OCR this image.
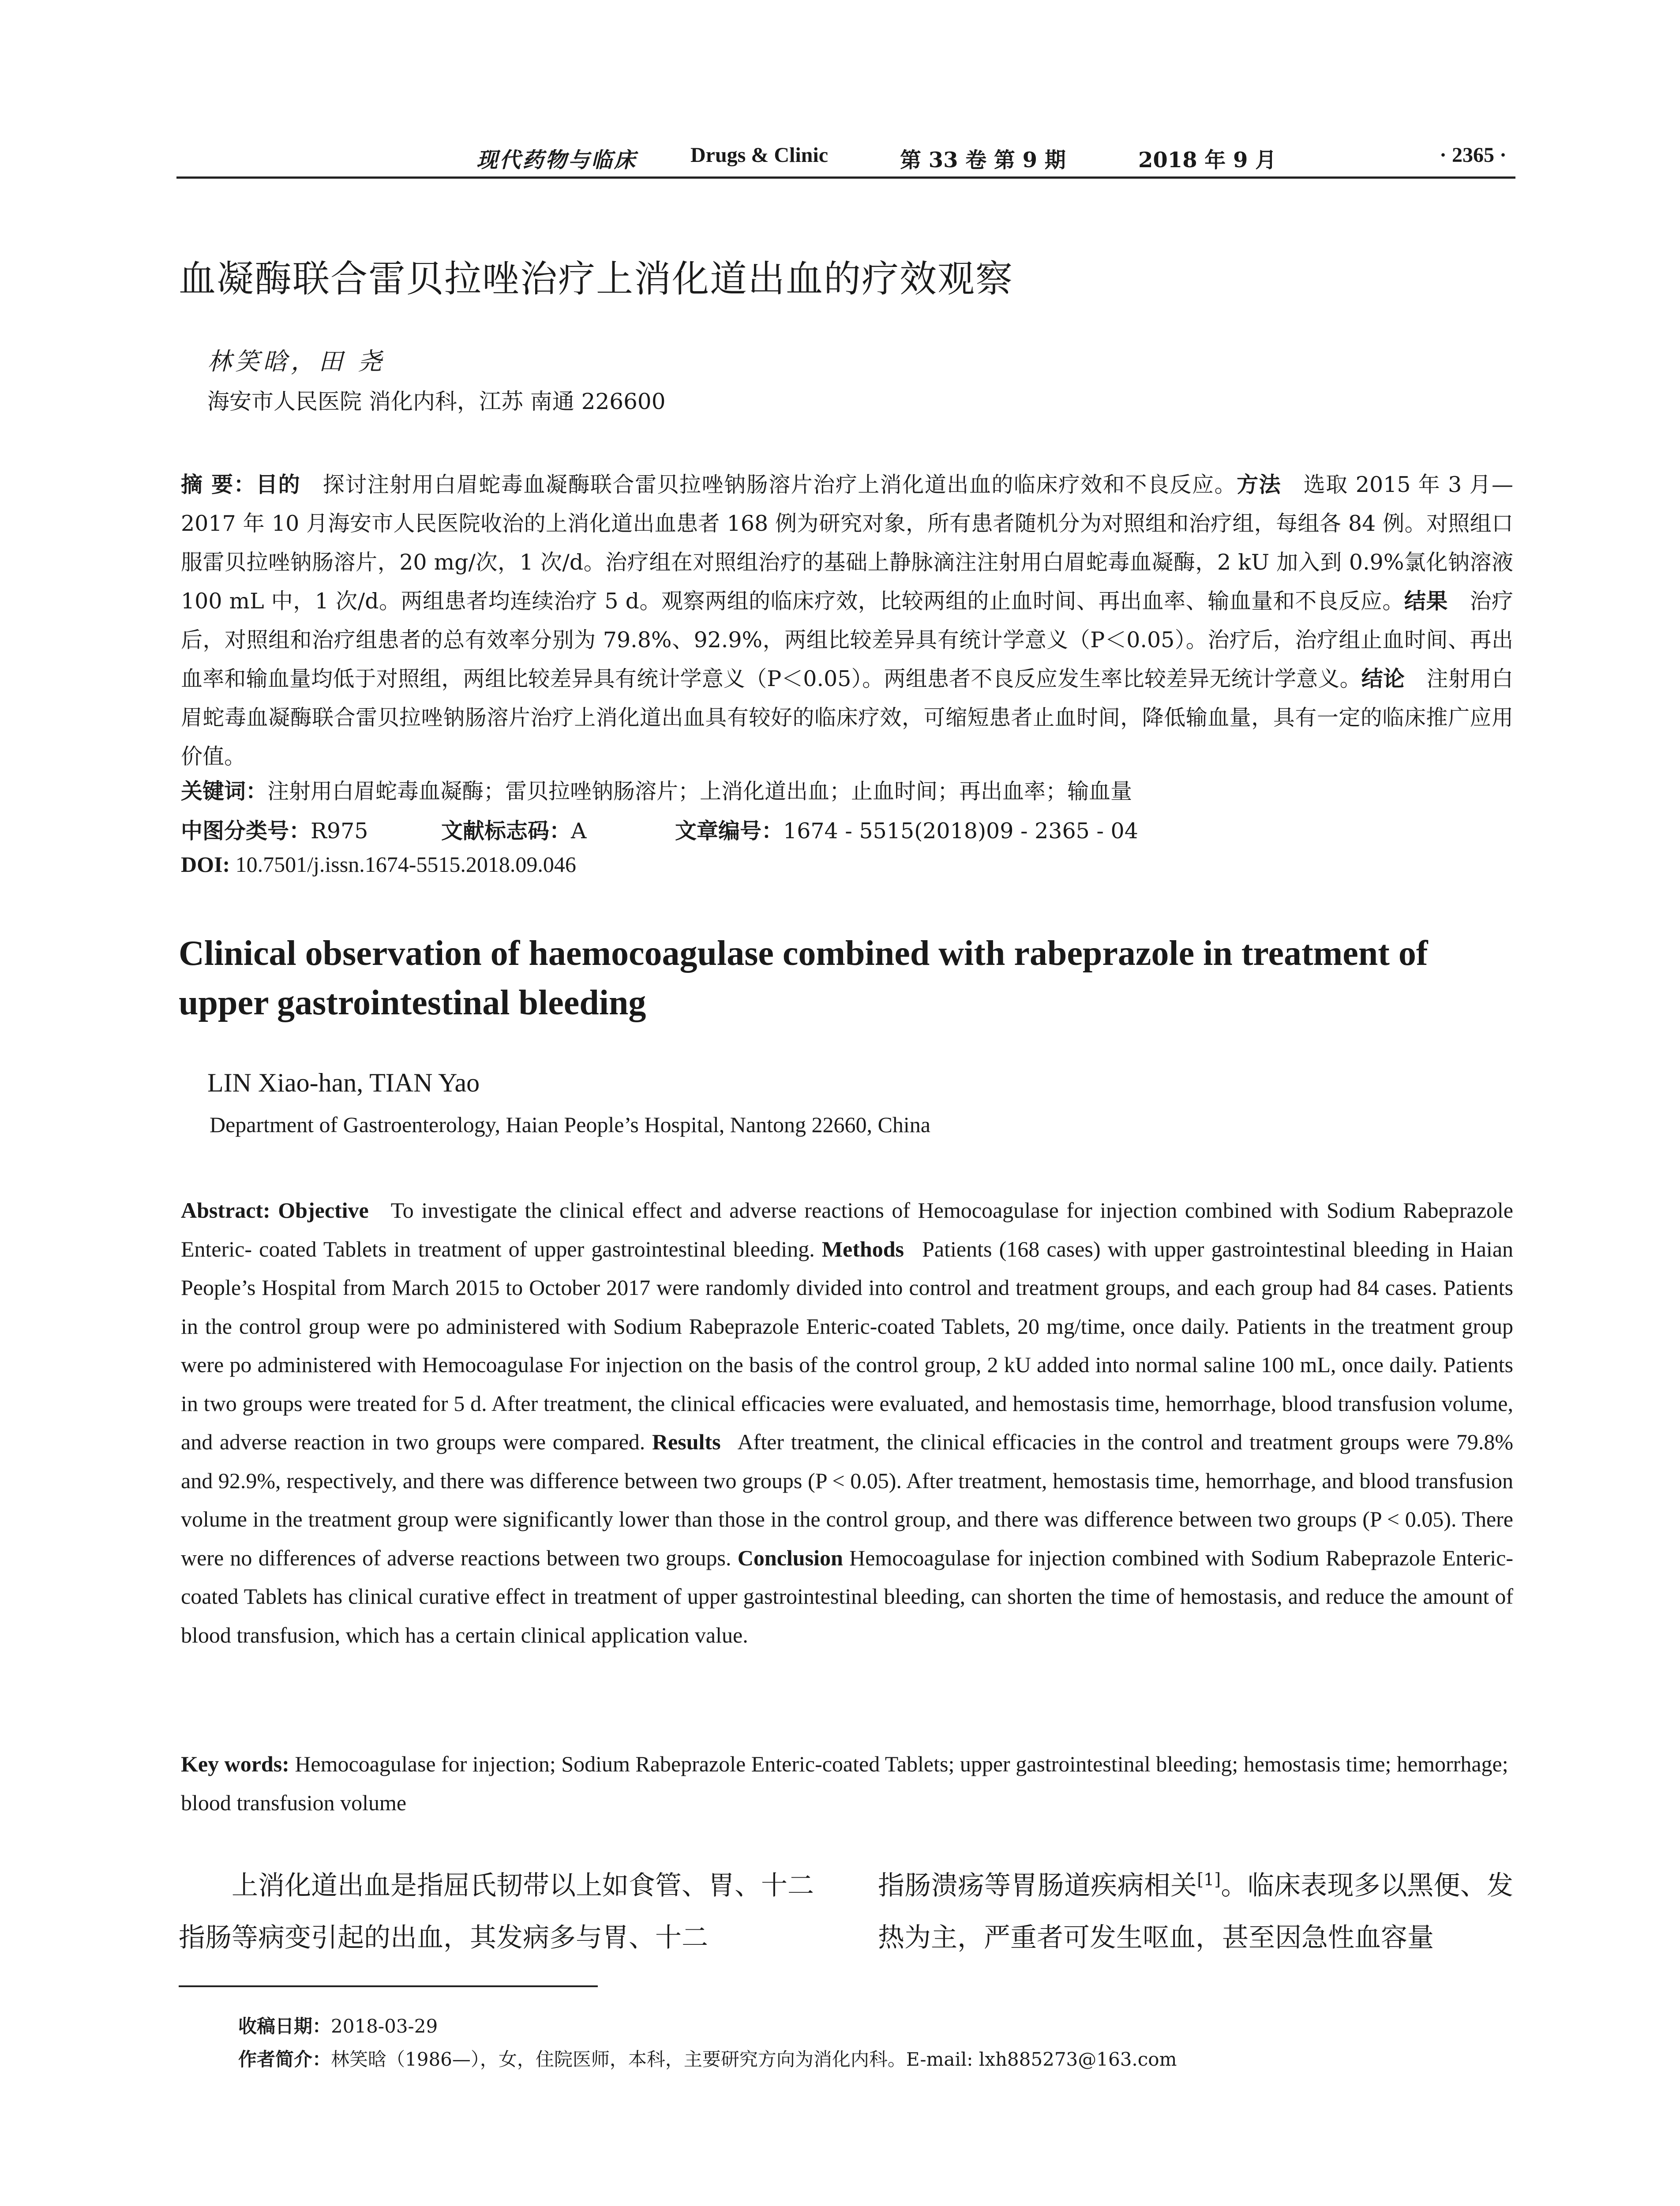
现代药物与临床	Drugs & Clinic	第 33 卷 第 9 期	2018 年 9 月	· 2365 ·
血凝酶联合雷贝拉唑治疗上消化道出血的疗效观察
林笑晗，田 尧
海安市人民医院 消化内科，江苏 南通 226600

摘 要：目的  探讨注射用白眉蛇毒血凝酶联合雷贝拉唑钠肠溶片治疗上消化道出血的临床疗效和不良反应。方法  选取 2015 年 3 月—2017 年 10 月海安市人民医院收治的上消化道出血患者 168 例为研究对象，所有患者随机分为对照组和治疗组，每组各 84 例。对照组口服雷贝拉唑钠肠溶片，20 mg/次，1 次/d。治疗组在对照组治疗的基础上静脉滴注注射用白眉蛇毒血凝酶，2 kU 加入到 0.9%氯化钠溶液 100 mL 中，1 次/d。两组患者均连续治疗 5 d。观察两组的临床疗效，比较两组的止血时间、再出血率、输血量和不良反应。结果  治疗后，对照组和治疗组患者的总有效率分别为 79.8%、92.9%，两组比较差异具有统计学意义（P＜0.05）。治疗后，治疗组止血时间、再出血率和输血量均低于对照组，两组比较差异具有统计学意义（P＜0.05）。两组患者不良反应发生率比较差异无统计学意义。结论  注射用白眉蛇毒血凝酶联合雷贝拉唑钠肠溶片治疗上消化道出血具有较好的临床疗效，可缩短患者止血时间，降低输血量，具有一定的临床推广应用价值。

关键词：注射用白眉蛇毒血凝酶；雷贝拉唑钠肠溶片；上消化道出血；止血时间；再出血率；输血量
中图分类号：R975	文献标志码：A	文章编号：1674 - 5515(2018)09 - 2365 - 04
DOI: 10.7501/j.issn.1674-5515.2018.09.046
Clinical observation of haemocoagulase combined with rabeprazole in treatment of upper gastrointestinal bleeding
LIN Xiao-han, TIAN Yao
Department of Gastroenterology, Haian People’s Hospital, Nantong 22660, China

Abstract: Objective  To investigate the clinical effect and adverse reactions of Hemocoagulase for injection combined with Sodium Rabeprazole Enteric- coated Tablets in treatment of upper gastrointestinal bleeding. Methods  Patients (168 cases) with upper gastrointestinal bleeding in Haian People’s Hospital from March 2015 to October 2017 were randomly divided into control and treatment groups, and each group had 84 cases. Patients in the control group were po administered with Sodium Rabeprazole Enteric-coated Tablets, 20 mg/time, once daily. Patients in the treatment group were po administered with Hemocoagulase For injection on the basis of the control group, 2 kU added into normal saline 100 mL, once daily. Patients in two groups were treated for 5 d. After treatment, the clinical efficacies were evaluated, and hemostasis time, hemorrhage, blood transfusion volume, and adverse reaction in two groups were compared. Results  After treatment, the clinical efficacies in the control and treatment groups were 79.8% and 92.9%, respectively, and there was difference between two groups (P < 0.05). After treatment, hemostasis time, hemorrhage, and blood transfusion volume in the treatment group were significantly lower than those in the control group, and there was difference between two groups (P < 0.05). There were no differences of adverse reactions between two groups. Conclusion Hemocoagulase for injection combined with Sodium Rabeprazole Enteric-coated Tablets has clinical curative effect in treatment of upper gastrointestinal bleeding, can shorten the time of hemostasis, and reduce the amount of blood transfusion, which has a certain clinical application value.

Key words: Hemocoagulase for injection; Sodium Rabeprazole Enteric-coated Tablets; upper gastrointestinal bleeding; hemostasis time; hemorrhage; blood transfusion volume
上消化道出血是指屈氏韧带以上如食管、胃、十二指肠等病变引起的出血，其发病多与胃、十二
指肠溃疡等胃肠道疾病相关[1]。临床表现多以黑便、发热为主，严重者可发生呕血，甚至因急性血容量
收稿日期：2018-03-29
作者简介：林笑晗（1986—），女，住院医师，本科，主要研究方向为消化内科。E-mail: lxh885273@163.com
